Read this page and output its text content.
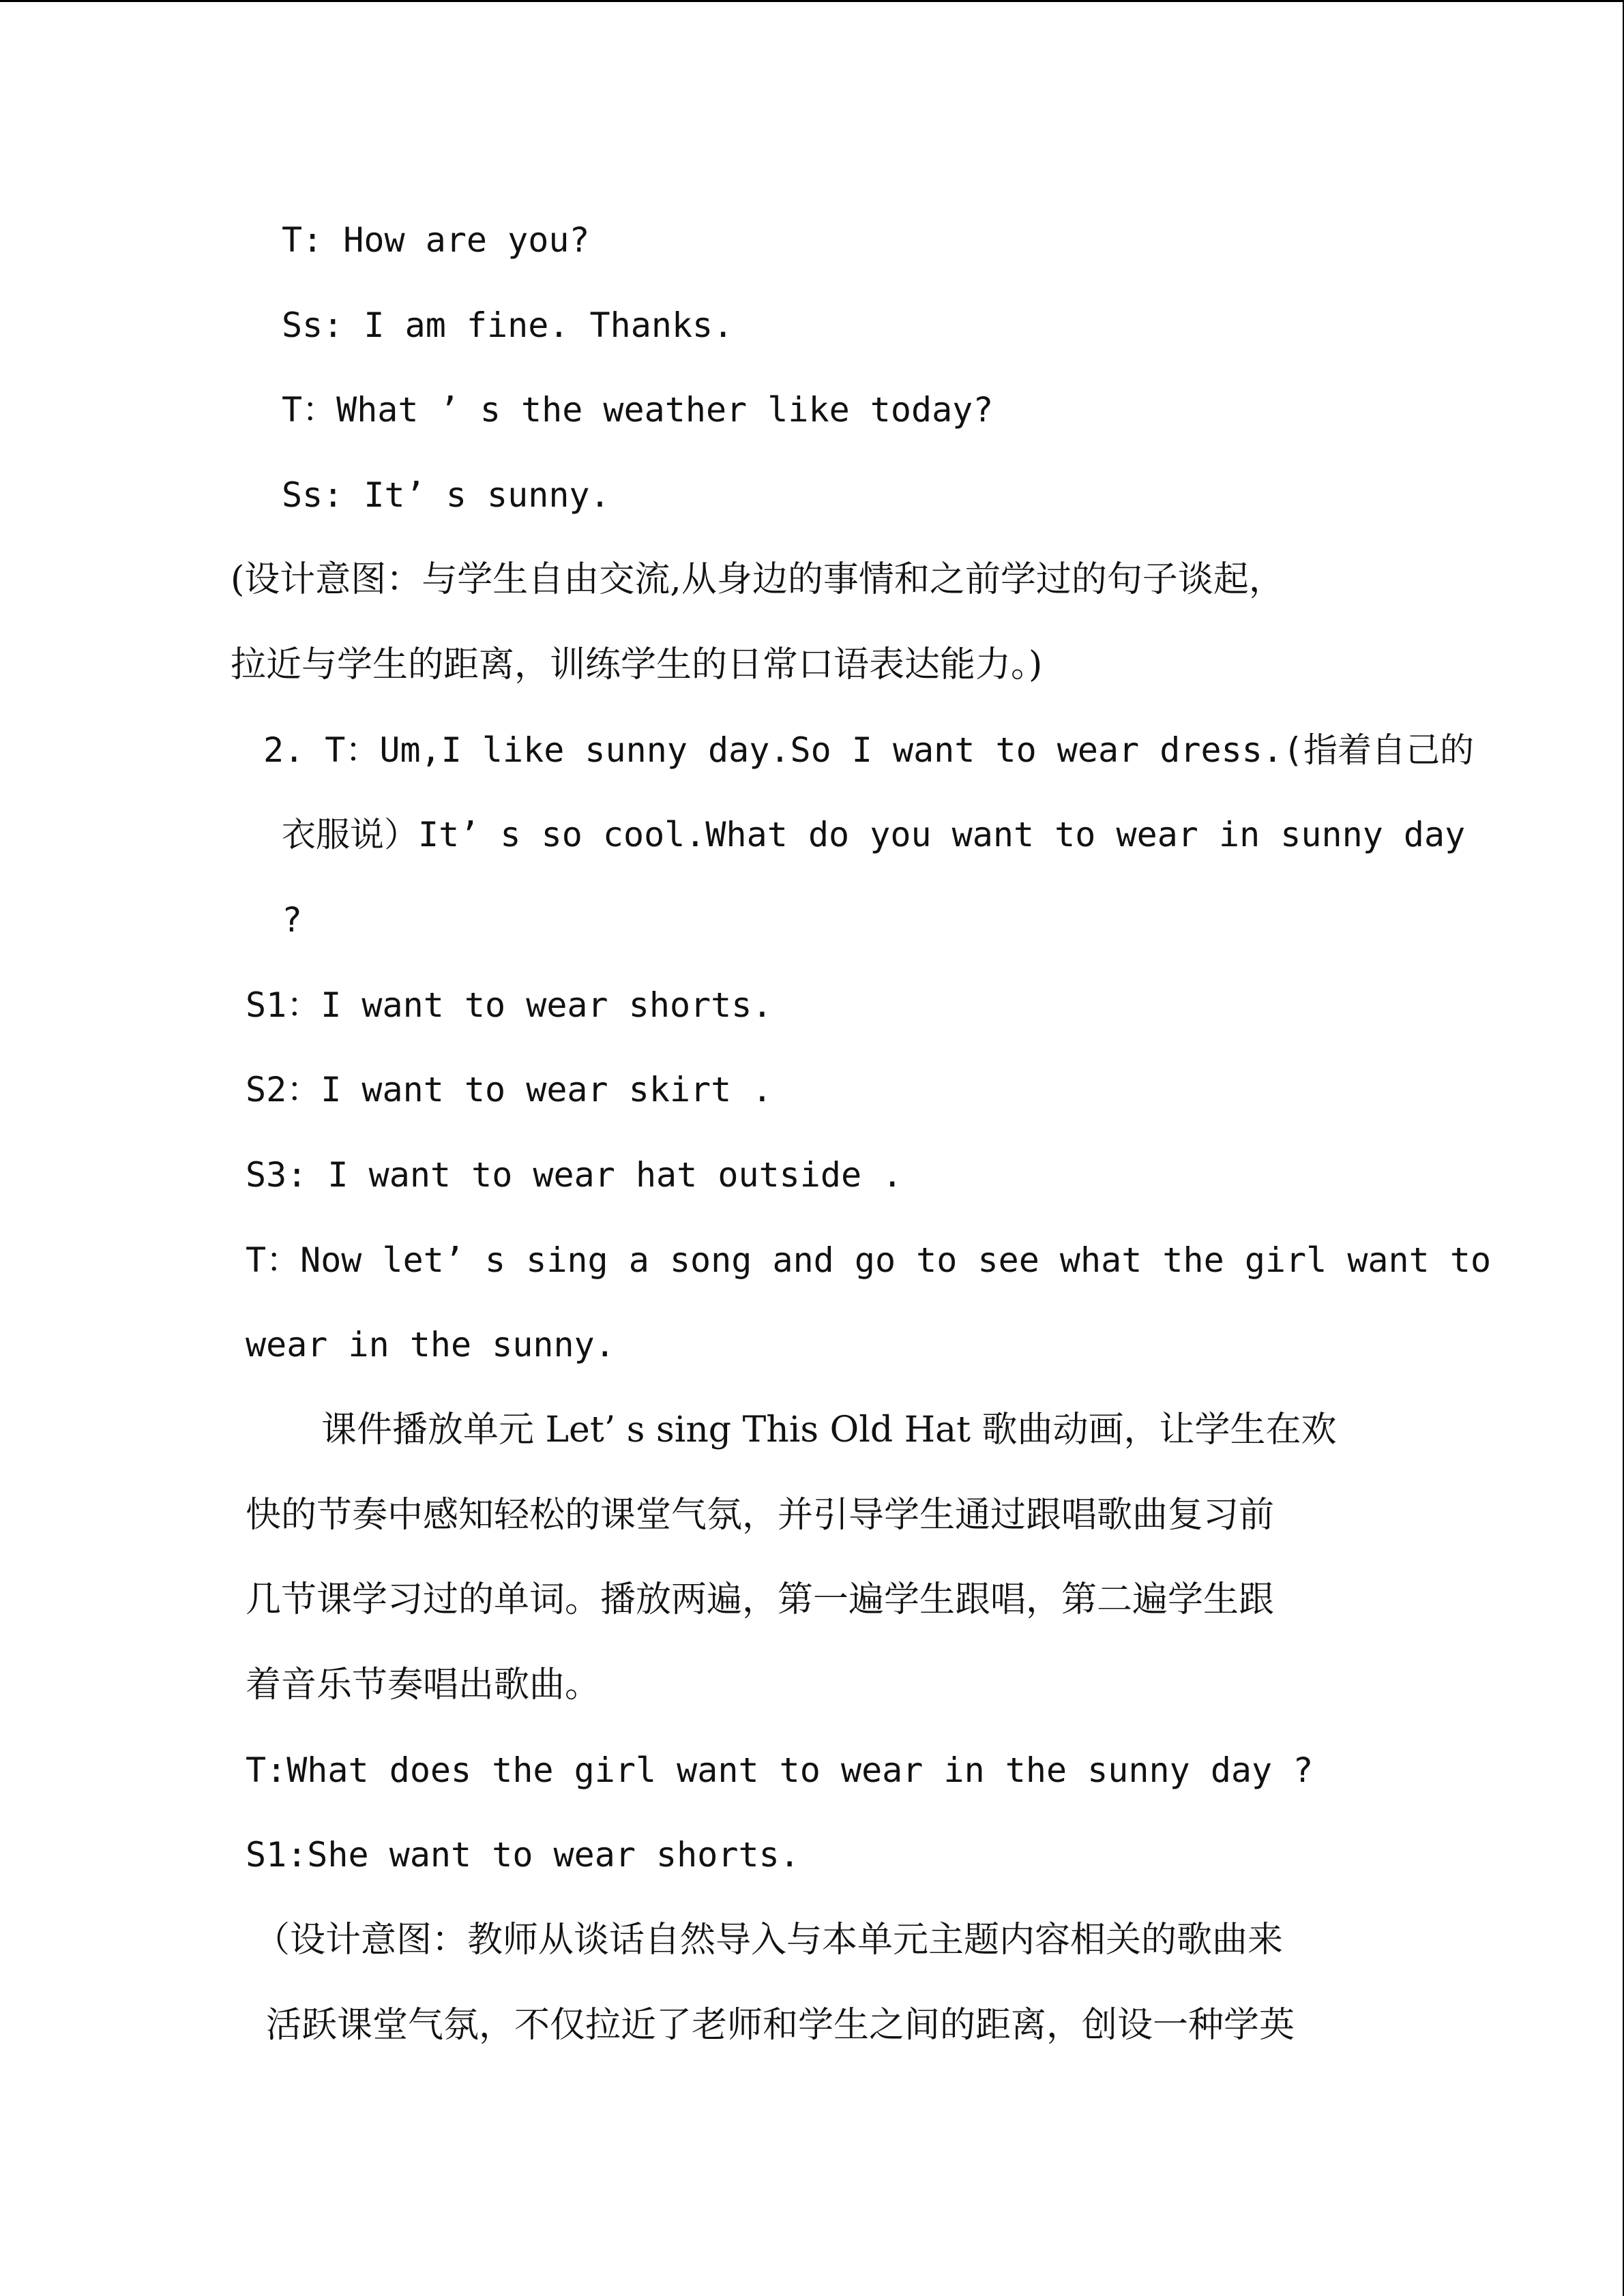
T: How are you?
Ss: I am fine. Thanks.
T：What ’ s the weather like today?
Ss: It’ s sunny.
(设计意图：与学生自由交流,从身边的事情和之前学过的句子谈起，
拉近与学生的距离，训练学生的日常口语表达能力。)
2. T：Um,I like sunny day.So I want to wear dress.(指着自己的
衣服说）It’ s so cool.What do you want to wear in sunny day
?
S1：I want to wear shorts.
S2：I want to wear skirt .
S3: I want to wear hat outside .
T：Now let’ s sing a song and go to see what the girl want to
wear in the sunny.
课件播放单元 Let’ s sing This Old Hat 歌曲动画，让学生在欢
快的节奏中感知轻松的课堂气氛，并引导学生通过跟唱歌曲复习前
几节课学习过的单词。播放两遍，第一遍学生跟唱，第二遍学生跟
着音乐节奏唱出歌曲。
T:What does the girl want to wear in the sunny day ?
S1:She want to wear shorts.
（设计意图：教师从谈话自然导入与本单元主题内容相关的歌曲来
活跃课堂气氛，不仅拉近了老师和学生之间的距离，创设一种学英
